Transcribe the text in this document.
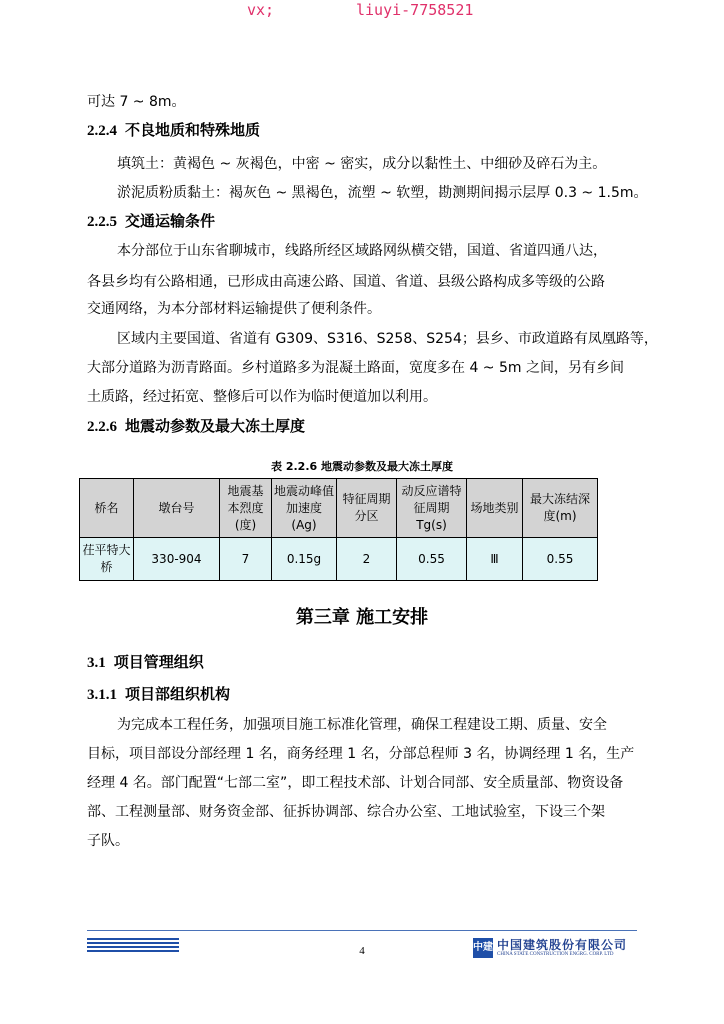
vx;	liuyi-7758521
可达 7 ~ 8m。
2.2.4 不良地质和特殊地质
填筑土：黄褐色 ~ 灰褐色，中密 ~ 密实，成分以黏性土、中细砂及碎石为主。
淤泥质粉质黏土：褐灰色 ~ 黑褐色，流塑 ~ 软塑，勘测期间揭示层厚 0.3 ~ 1.5m。
2.2.5 交通运输条件
本分部位于山东省聊城市，线路所经区域路网纵横交错，国道、省道四通八达，
各县乡均有公路相通，已形成由高速公路、国道、省道、县级公路构成多等级的公路
交通网络，为本分部材料运输提供了便利条件。
区域内主要国道、省道有 G309、S316、S258、S254；县乡、市政道路有凤凰路等，
大部分道路为沥青路面。乡村道路多为混凝土路面，宽度多在 4 ~ 5m 之间，另有乡间
土质路，经过拓宽、整修后可以作为临时便道加以利用。
2.2.6 地震动参数及最大冻土厚度
表 2.2.6 地震动参数及最大冻土厚度
桥名	墩台号	地震基本烈度(度)	地震动峰值加速度(Ag)	特征周期分区	动反应谱特征周期Tg(s)	场地类别	最大冻结深度(m)
茌平特大桥	330-904	7	0.15g	2	0.55	Ⅲ	0.55
第三章 施工安排
3.1 项目管理组织
3.1.1 项目部组织机构
为完成本工程任务，加强项目施工标准化管理，确保工程建设工期、质量、安全
目标，项目部设分部经理 1 名，商务经理 1 名，分部总程师 3 名，协调经理 1 名，生产
经理 4 名。部门配置“七部二室”，即工程技术部、计划合同部、安全质量部、物资设备
部、工程测量部、财务资金部、征拆协调部、综合办公室、工地试验室，下设三个架
子队。
4	中建 中国建筑股份有限公司
CHINA STATE CONSTRUCTION ENGRG. CORP. LTD
